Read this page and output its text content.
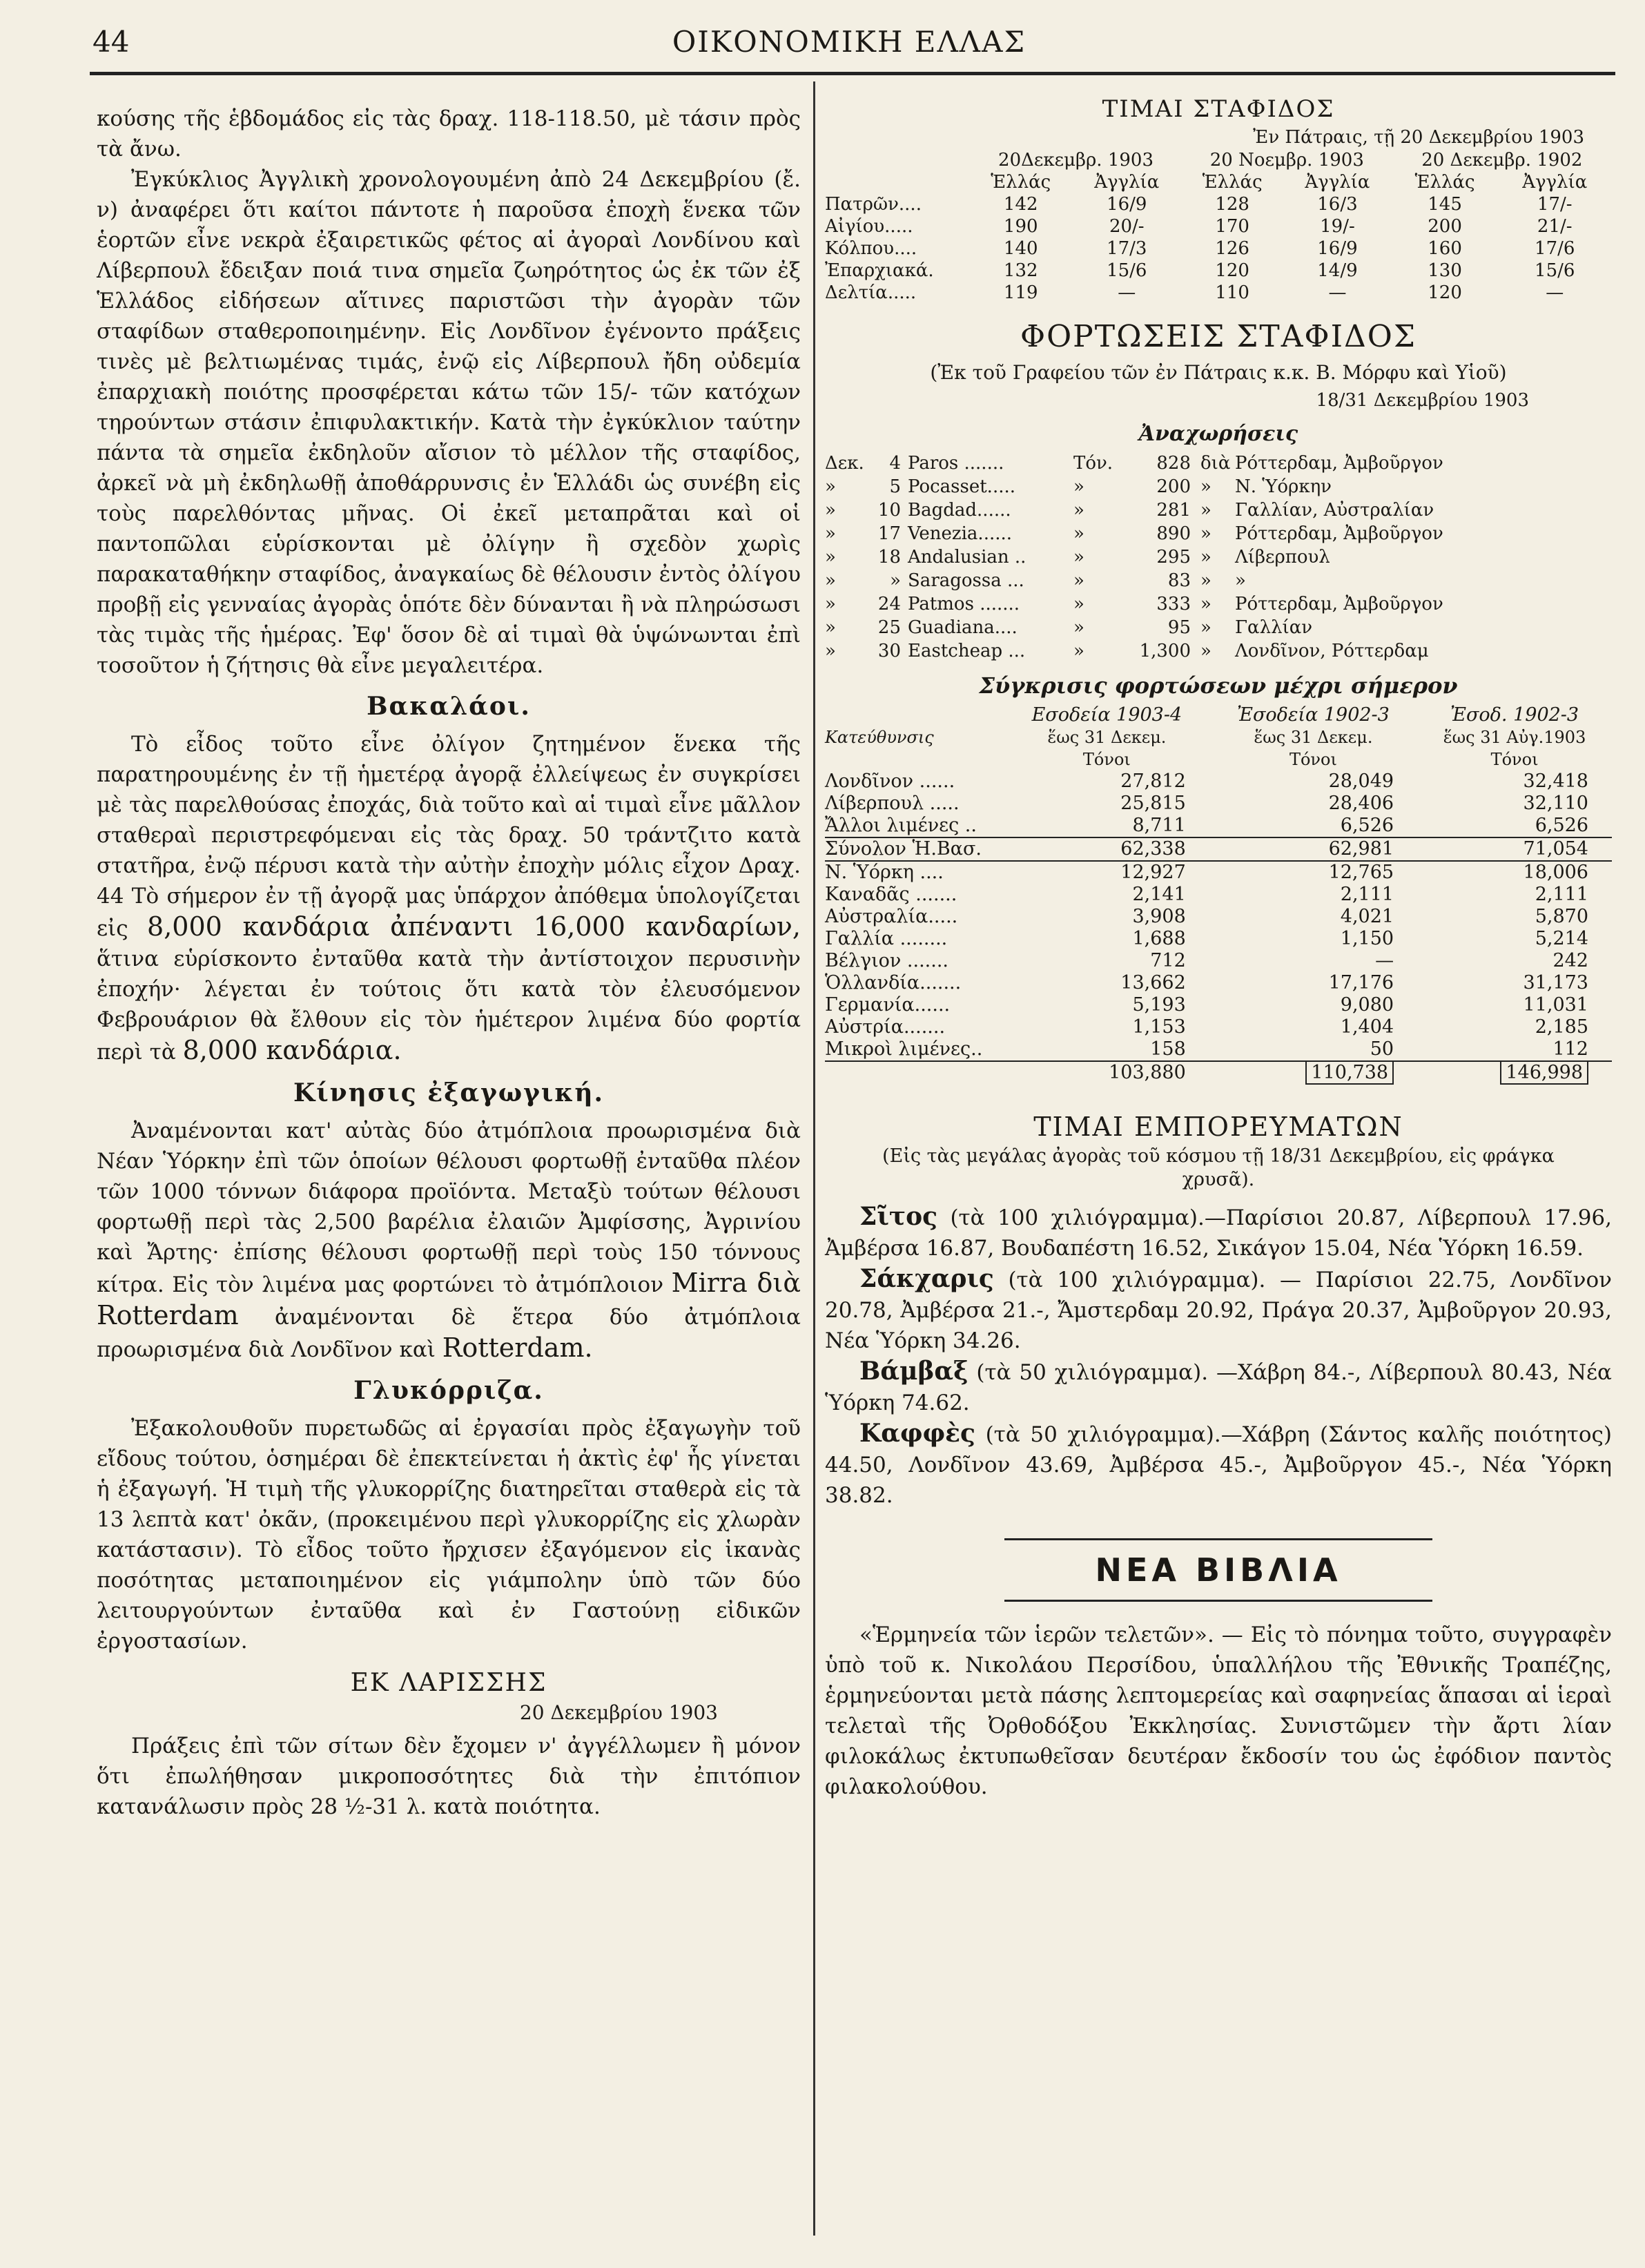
44	ΟΙΚΟΝΟΜΙΚΗ ΕΛΛΑΣ

κούσης τῆς ἑβδομάδος εἰς τὰς δραχ. 118-118.50, μὲ τάσιν πρὸς τὰ ἄνω.

Ἐγκύκλιος Ἀγγλικὴ χρονολογουμένη ἀπὸ 24 Δεκεμβρίου (ἔ. ν) ἀναφέρει ὅτι καίτοι πάντοτε ἡ παροῦσα ἐποχὴ ἕνεκα τῶν ἑορτῶν εἶνε νεκρὰ ἐξαιρετικῶς φέτος αἱ ἀγοραὶ Λονδίνου καὶ Λίβερπουλ ἔδειξαν ποιά τινα σημεῖα ζωηρότητος ὡς ἐκ τῶν ἐξ Ἑλλάδος εἰδήσεων αἵτινες παριστῶσι τὴν ἀγορὰν τῶν σταφίδων σταθεροποιημένην. Εἰς Λονδῖνον ἐγένοντο πράξεις τινὲς μὲ βελτιωμένας τιμάς, ἐνῷ εἰς Λίβερπουλ ἤδη οὐδεμία ἐπαρχιακὴ ποιότης προσφέρεται κάτω τῶν 15/- τῶν κατόχων τηρούντων στάσιν ἐπιφυλακτικήν. Κατὰ τὴν ἐγκύκλιον ταύτην πάντα τὰ σημεῖα ἐκδηλοῦν αἴσιον τὸ μέλλον τῆς σταφίδος, ἀρκεῖ νὰ μὴ ἐκδηλωθῇ ἀποθάρρυνσις ἐν Ἑλλάδι ὡς συνέβη εἰς τοὺς παρελθόντας μῆνας. Οἱ ἐκεῖ μεταπρᾶται καὶ οἱ παντοπῶλαι εὑρίσκονται μὲ ὀλίγην ἢ σχεδὸν χωρὶς παρακαταθήκην σταφίδος, ἀναγκαίως δὲ θέλουσιν ἐντὸς ὀλίγου προβῇ εἰς γενναίας ἀγορὰς ὁπότε δὲν δύνανται ἢ νὰ πληρώσωσι τὰς τιμὰς τῆς ἡμέρας. Ἐφ' ὅσον δὲ αἱ τιμαὶ θὰ ὑψώνωνται ἐπὶ τοσοῦτον ἡ ζήτησις θὰ εἶνε μεγαλειτέρα.

Βακαλάοι.

Τὸ εἶδος τοῦτο εἶνε ὀλίγον ζητημένον ἕνεκα τῆς παρατηρουμένης ἐν τῇ ἡμετέρᾳ ἀγορᾷ ἐλλείψεως ἐν συγκρίσει μὲ τὰς παρελθούσας ἐποχάς, διὰ τοῦτο καὶ αἱ τιμαὶ εἶνε μᾶλλον σταθεραὶ περιστρεφόμεναι εἰς τὰς δραχ. 50 τράντζιτο κατὰ στατῆρα, ἐνῷ πέρυσι κατὰ τὴν αὐτὴν ἐποχὴν μόλις εἶχον Δραχ. 44 Τὸ σήμερον ἐν τῇ ἀγορᾷ μας ὑπάρχον ἀπόθεμα ὑπολογίζεται εἰς 8,000 κανδάρια ἀπέναντι 16,000 κανδαρίων, ἅτινα εὑρίσκοντο ἐνταῦθα κατὰ τὴν ἀντίστοιχον περυσινὴν ἐποχήν· λέγεται ἐν τούτοις ὅτι κατὰ τὸν ἐλευσόμενον Φεβρουάριον θὰ ἔλθουν εἰς τὸν ἡμέτερον λιμένα δύο φορτία περὶ τὰ 8,000 κανδάρια.

Κίνησις ἐξαγωγική.

Ἀναμένονται κατ' αὐτὰς δύο ἀτμόπλοια προωρισμένα διὰ Νέαν Ὑόρκην ἐπὶ τῶν ὁποίων θέλουσι φορτωθῇ ἐνταῦθα πλέον τῶν 1000 τόννων διάφορα προϊόντα. Μεταξὺ τούτων θέλουσι φορτωθῇ περὶ τὰς 2,500 βαρέλια ἐλαιῶν Ἀμφίσσης, Ἀγρινίου καὶ Ἄρτης· ἐπίσης θέλουσι φορτωθῇ περὶ τοὺς 150 τόννους κίτρα. Εἰς τὸν λιμένα μας φορτώνει τὸ ἀτμόπλοιον Mirra διὰ Rotterdam ἀναμένονται δὲ ἕτερα δύο ἀτμόπλοια προωρισμένα διὰ Λονδῖνον καὶ Rotterdam.

Γλυκόρριζα.

Ἐξακολουθοῦν πυρετωδῶς αἱ ἐργασίαι πρὸς ἐξαγωγὴν τοῦ εἴδους τούτου, ὁσημέραι δὲ ἐπεκτείνεται ἡ ἀκτὶς ἐφ' ἧς γίνεται ἡ ἐξαγωγή. Ἡ τιμὴ τῆς γλυκορρίζης διατηρεῖται σταθερὰ εἰς τὰ 13 λεπτὰ κατ' ὀκᾶν, (προκειμένου περὶ γλυκορρίζης εἰς χλωρὰν κατάστασιν). Τὸ εἶδος τοῦτο ἤρχισεν ἐξαγόμενον εἰς ἱκανὰς ποσότητας μεταποιημένον εἰς γιάμπολην ὑπὸ τῶν δύο λειτουργούντων ἐνταῦθα καὶ ἐν Γαστούνῃ εἰδικῶν ἐργοστασίων.

ΕΚ ΛΑΡΙΣΣΗΣ
20 Δεκεμβρίου 1903

Πράξεις ἐπὶ τῶν σίτων δὲν ἔχομεν ν' ἀγγέλλωμεν ἢ μόνον ὅτι ἐπωλήθησαν μικροποσότητες διὰ τὴν ἐπιτόπιον κατανάλωσιν πρὸς 28 ½-31 λ. κατὰ ποιότητα.

ΤΙΜΑΙ ΣΤΑΦΙΔΟΣ
Ἐν Πάτραις, τῇ 20 Δεκεμβρίου 1903
	20Δεκεμβρ. 1903		20 Νοεμβρ. 1903		20 Δεκεμβρ. 1902	
	Ἑλλάς	Ἀγγλία	Ἑλλάς	Ἀγγλία	Ἑλλάς	Ἀγγλία
Πατρῶν....	142	16/9	128	16/3	145	17/-
Αἰγίου.....	190	20/-	170	19/-	200	21/-
Κόλπου....	140	17/3	126	16/9	160	17/6
Ἐπαρχιακά.	132	15/6	120	14/9	130	15/6
Δελτία.....	119	—	110	—	120	—
ΦΟΡΤΩΣΕΙΣ ΣΤΑΦΙΔΟΣ
(Ἐκ τοῦ Γραφείου τῶν ἐν Πάτραις κ.κ. Β. Μόρφυ καὶ Υἱοῦ)
18/31 Δεκεμβρίου 1903
Ἀναχωρήσεις
Δεκ.	4	Paros .......	Τόν.	828	διὰ	Ρόττερδαμ, Ἀμβοῦργον
»	5	Pocasset.....	»	200	»	Ν. Ὑόρκην
»	10	Bagdad......	»	281	»	Γαλλίαν, Αὐστραλίαν
»	17	Venezia......	»	890	»	Ρόττερδαμ, Ἀμβοῦργον
»	18	Andalusian ..	»	295	»	Λίβερπουλ
»	»	Saragossa ...	»	83	»	»
»	24	Patmos .......	»	333	»	Ρόττερδαμ, Ἀμβοῦργον
»	25	Guadiana....	»	95	»	Γαλλίαν
»	30	Eastcheap ...	»	1,300	»	Λονδῖνον, Ρόττερδαμ
Σύγκρισις φορτώσεων μέχρι σήμερον
	Εσοδεία 1903-4	Ἐσοδεία 1902-3	Ἐσοδ. 1902-3
Κατεύθυνσις	ἕως 31 Δεκεμ.	ἕως 31 Δεκεμ.	ἕως 31 Αὐγ.1903
	Τόνοι	Τόνοι	Τόνοι
Λονδῖνον ......	27,812	28,049	32,418
Λίβερπουλ .....	25,815	28,406	32,110
Ἄλλοι λιμένες ..	8,711	6,526	6,526
Σύνολον Ἡ.Βασ.	62,338	62,981	71,054
Ν. Ὑόρκη ....	12,927	12,765	18,006
Καναδᾶς .......	2,141	2,111	2,111
Αὐστραλία.....	3,908	4,021	5,870
Γαλλία ........	1,688	1,150	5,214
Βέλγιον .......	712	—	242
Ὁλλανδία.......	13,662	17,176	31,173
Γερμανία......	5,193	9,080	11,031
Αὐστρία.......	1,153	1,404	2,185
Μικροὶ λιμένες..	158	50	112
	103,880	110,738	146,998
ΤΙΜΑΙ ΕΜΠΟΡΕΥΜΑΤΩΝ
(Εἰς τὰς μεγάλας ἀγορὰς τοῦ κόσμου τῇ 18/31 Δεκεμβρίου, εἰς φράγκα χρυσᾶ).

Σῖτος (τὰ 100 χιλιόγραμμα).—Παρίσιοι 20.87, Λίβερπουλ 17.96, Ἀμβέρσα 16.87, Βουδαπέστη 16.52, Σικάγον 15.04, Νέα Ὑόρκη 16.59.

Σάκχαρις (τὰ 100 χιλιόγραμμα). — Παρίσιοι 22.75, Λονδῖνον 20.78, Ἀμβέρσα 21.-, Ἄμστερδαμ 20.92, Πράγα 20.37, Ἀμβοῦργον 20.93, Νέα Ὑόρκη 34.26.

Βάμβαξ (τὰ 50 χιλιόγραμμα). —Χάβρη 84.-, Λίβερπουλ 80.43, Νέα Ὑόρκη 74.62.

Καφφὲς (τὰ 50 χιλιόγραμμα).—Χάβρη (Σάντος καλῆς ποιότητος) 44.50, Λονδῖνον 43.69, Ἀμβέρσα 45.-, Ἀμβοῦργον 45.-, Νέα Ὑόρκη 38.82.

ΝΕΑ ΒΙΒΛΙΑ

«Ἑρμηνεία τῶν ἱερῶν τελετῶν». — Εἰς τὸ πόνημα τοῦτο, συγγραφὲν ὑπὸ τοῦ κ. Νικολάου Περσίδου, ὑπαλλήλου τῆς Ἐθνικῆς Τραπέζης, ἑρμηνεύονται μετὰ πάσης λεπτομερείας καὶ σαφηνείας ἅπασαι αἱ ἱεραὶ τελεταὶ τῆς Ὀρθοδόξου Ἐκκλησίας. Συνιστῶμεν τὴν ἄρτι λίαν φιλοκάλως ἐκτυπωθεῖσαν δευτέραν ἔκδοσίν του ὡς ἐφόδιον παντὸς φιλακολούθου.
